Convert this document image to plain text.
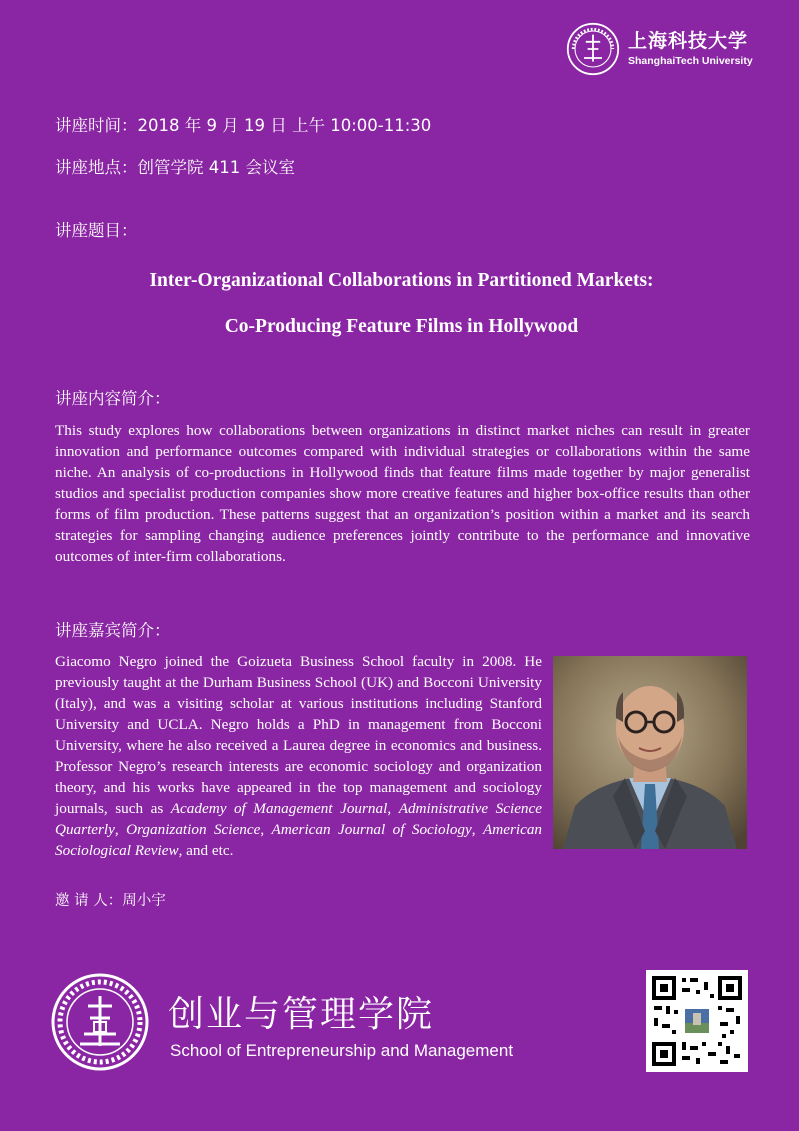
上海科技大学
ShanghaiTech University
讲座时间：2018 年 9 月 19 日 上午 10:00-11:30
讲座地点：创管学院 411 会议室
讲座题目：
Inter-Organizational Collaborations in Partitioned Markets:
Co-Producing Feature Films in Hollywood
讲座内容简介：
This study explores how collaborations between organizations in distinct market niches can result in greater innovation and performance outcomes compared with individual strategies or collaborations within the same niche. An analysis of co-productions in Hollywood finds that feature films made together by major generalist studios and specialist production companies show more creative features and higher box-office results than other forms of film production. These patterns suggest that an organization’s position within a market and its search strategies for sampling changing audience preferences jointly contribute to the performance and innovative outcomes of inter-firm collaborations.
讲座嘉宾简介：
Giacomo Negro joined the Goizueta Business School faculty in 2008. He previously taught at the Durham Business School (UK) and Bocconi University (Italy), and was a visiting scholar at various institutions including Stanford University and UCLA. Negro holds a PhD in management from Bocconi University, where he also received a Laurea degree in economics and business. Professor Negro’s research interests are economic sociology and organization theory, and his works have appeared in the top management and sociology journals, such as Academy of Management Journal, Administrative Science Quarterly, Organization Science, American Journal of Sociology, American Sociological Review, and etc.
邀 请 人：周小宇
创业与管理学院
School of Entrepreneurship and Management
